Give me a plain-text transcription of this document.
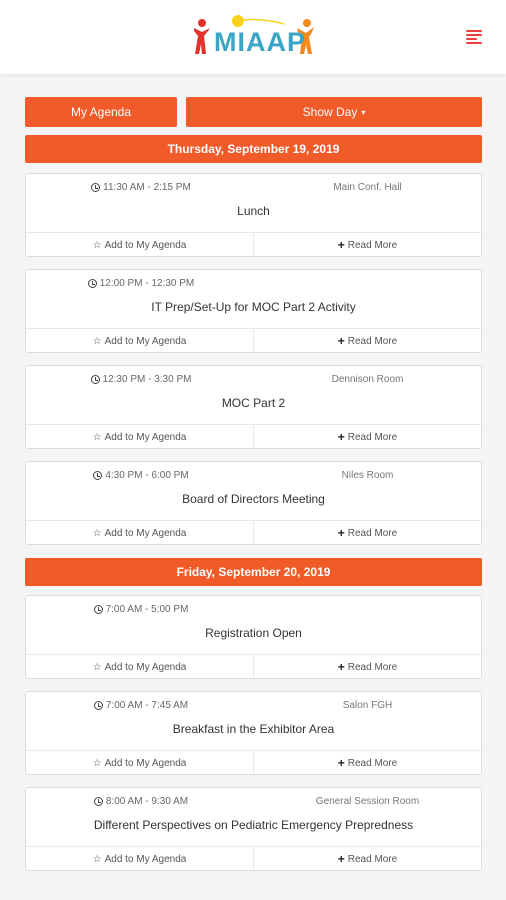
MIAAP
My Agenda	Show Day ▾
Thursday, September 19, 2019
11:30 AM - 2:15 PM	Main Conf. Hall
Lunch
☆ Add to My Agenda	+ Read More
12:00 PM - 12:30 PM
IT Prep/Set-Up for MOC Part 2 Activity
☆ Add to My Agenda	+ Read More
12:30 PM - 3:30 PM	Dennison Room
MOC Part 2
☆ Add to My Agenda	+ Read More
4:30 PM - 6:00 PM	Niles Room
Board of Directors Meeting
☆ Add to My Agenda	+ Read More
Friday, September 20, 2019
7:00 AM - 5:00 PM
Registration Open
☆ Add to My Agenda	+ Read More
7:00 AM - 7:45 AM	Salon FGH
Breakfast in the Exhibitor Area
☆ Add to My Agenda	+ Read More
8:00 AM - 9:30 AM	General Session Room
Different Perspectives on Pediatric Emergency Prepredness
☆ Add to My Agenda	+ Read More
